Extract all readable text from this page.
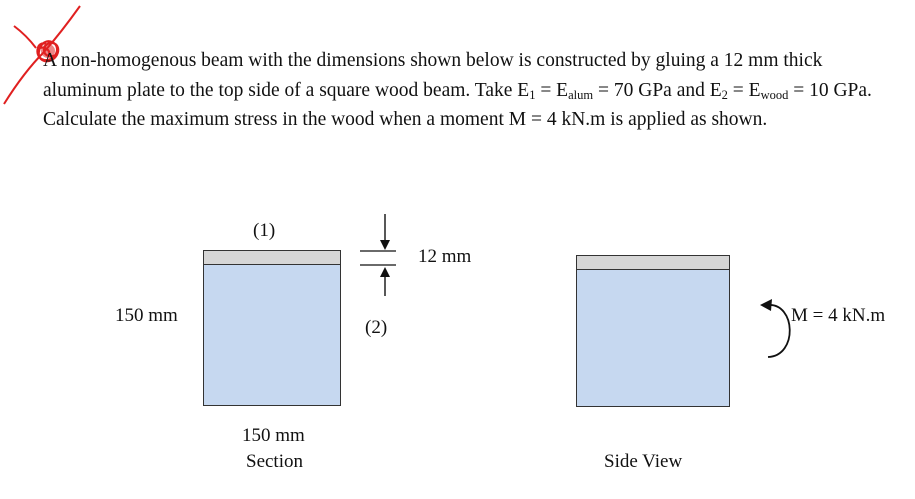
A non-homogenous beam with the dimensions shown below is constructed by gluing a 12 mm thick aluminum plate to the top side of a square wood beam. Take $E_1 = E_{alum} = 70$ GPa and $E_2 = E_{wood} = 10$ GPa. Calculate the maximum stress in the wood when a moment M = 4 kN.m is applied as shown.

(1)
150 mm
150 mm
Section
(2)
12 mm
Side View
M = 4 kN.m
